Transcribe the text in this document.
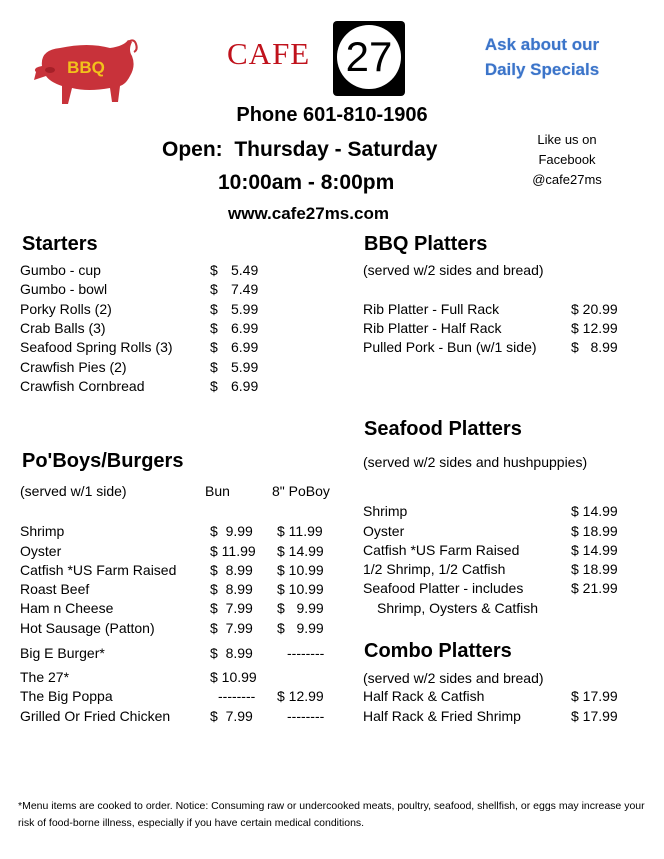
BBQ	CAFE 27	Ask about our
Daily Specials
Phone 601-810-1906
Open:  Thursday - Saturday
10:00am - 8:00pm
www.cafe27ms.com
Like us on
Facebook
@cafe27ms
Starters
Gumbo - cup	$ 5.49
Gumbo - bowl	$ 7.49
Porky Rolls (2)	$ 5.99
Crab Balls (3)	$ 6.99
Seafood Spring Rolls (3)	$ 6.99
Crawfish Pies (2)	$ 5.99
Crawfish Cornbread	$ 6.99
Po'Boys/Burgers
(served w/1 side)	Bun	8" PoBoy
Shrimp	$  9.99 $ 11.99
Oyster	$ 11.99 $ 14.99
Catfish *US Farm Raised $  8.99 $ 10.99
Roast Beef	$  8.99 $ 10.99
Ham n Cheese	$  7.99 $   9.99
Hot Sausage (Patton)	$  7.99 $   9.99
Big E Burger*	$  8.99 --------
The 27*	$ 10.99
The Big Poppa	-------- $ 12.99
Grilled Or Fried Chicken	$  7.99 --------
BBQ Platters
(served w/2 sides and bread)
Rib Platter - Full Rack	$ 20.99
Rib Platter - Half Rack	$ 12.99
Pulled Pork - Bun (w/1 side) $   8.99
Seafood Platters
(served w/2 sides and hushpuppies)
Shrimp	$ 14.99
Oyster	$ 18.99
Catfish *US Farm Raised	$ 14.99
1/2 Shrimp, 1/2 Catfish	$ 18.99
Seafood Platter - includes	$ 21.99
Shrimp, Oysters & Catfish
Combo Platters
(served w/2 sides and bread)
Half Rack & Catfish	$ 17.99
Half Rack & Fried Shrimp	$ 17.99
*Menu items are cooked to order. Notice: Consuming raw or undercooked meats, poultry, seafood, shellfish, or eggs may increase your risk of food-borne illness, especially if you have certain medical conditions.
